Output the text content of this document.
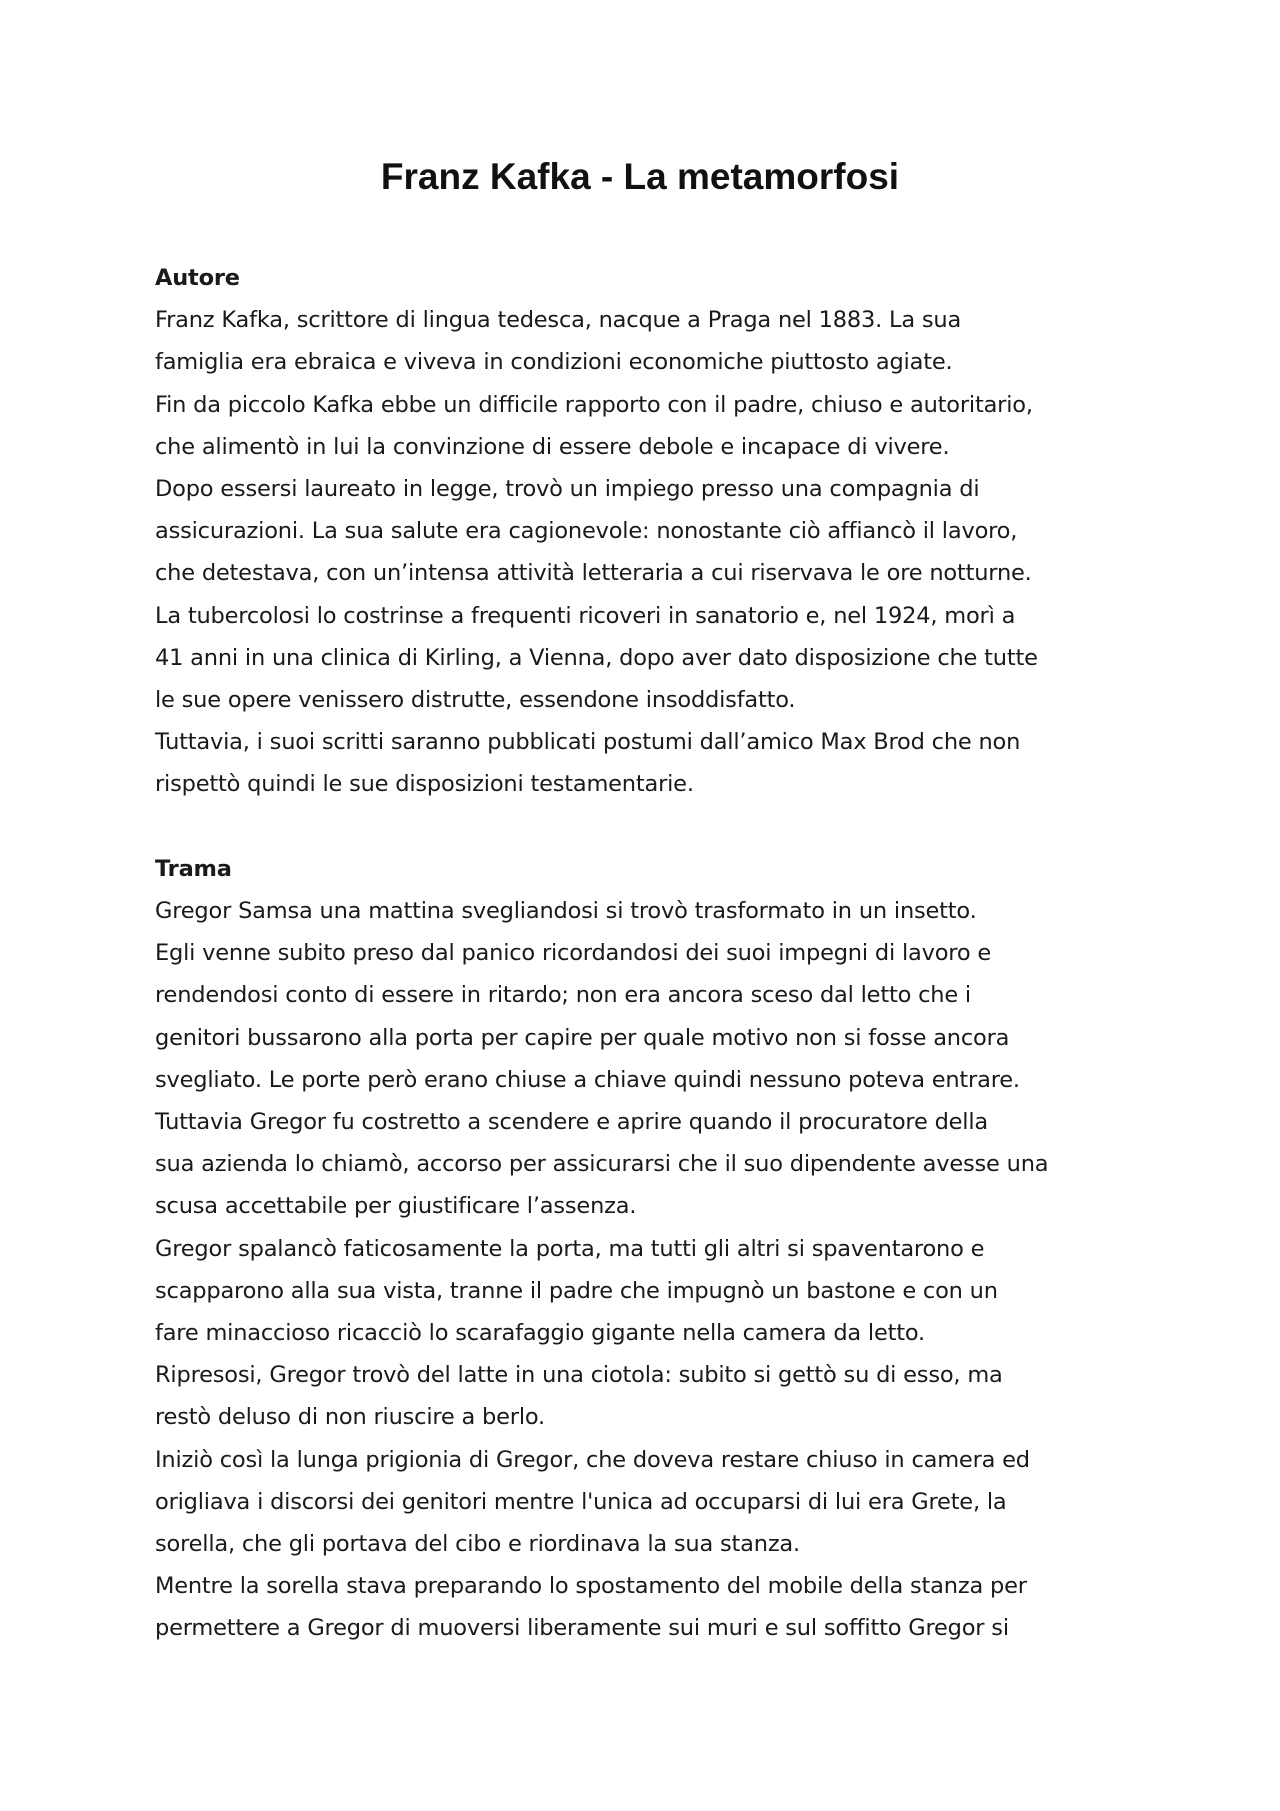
Franz Kafka - La metamorfosi

Autore

Franz Kafka, scrittore di lingua tedesca, nacque a Praga nel 1883. La sua

famiglia era ebraica e viveva in condizioni economiche piuttosto agiate.

Fin da piccolo Kafka ebbe un difficile rapporto con il padre, chiuso e autoritario,

che alimentò in lui la convinzione di essere debole e incapace di vivere.

Dopo essersi laureato in legge, trovò un impiego presso una compagnia di

assicurazioni. La sua salute era cagionevole: nonostante ciò affiancò il lavoro,

che detestava, con un’intensa attività letteraria a cui riservava le ore notturne.

La tubercolosi lo costrinse a frequenti ricoveri in sanatorio e, nel 1924, morì a

41 anni in una clinica di Kirling, a Vienna, dopo aver dato disposizione che tutte

le sue opere venissero distrutte, essendone insoddisfatto.

Tuttavia, i suoi scritti saranno pubblicati postumi dall’amico Max Brod che non

rispettò quindi le sue disposizioni testamentarie.

Trama

Gregor Samsa una mattina svegliandosi si trovò trasformato in un insetto.

Egli venne subito preso dal panico ricordandosi dei suoi impegni di lavoro e

rendendosi conto di essere in ritardo; non era ancora sceso dal letto che i

genitori bussarono alla porta per capire per quale motivo non si fosse ancora

svegliato. Le porte però erano chiuse a chiave quindi nessuno poteva entrare.

Tuttavia Gregor fu costretto a scendere e aprire quando il procuratore della

sua azienda lo chiamò, accorso per assicurarsi che il suo dipendente avesse una

scusa accettabile per giustificare l’assenza.

Gregor spalancò faticosamente la porta, ma tutti gli altri si spaventarono e

scapparono alla sua vista, tranne il padre che impugnò un bastone e con un

fare minaccioso ricacciò lo scarafaggio gigante nella camera da letto.

Ripresosi, Gregor trovò del latte in una ciotola: subito si gettò su di esso, ma

restò deluso di non riuscire a berlo.

Iniziò così la lunga prigionia di Gregor, che doveva restare chiuso in camera ed

origliava i discorsi dei genitori mentre l'unica ad occuparsi di lui era Grete, la

sorella, che gli portava del cibo e riordinava la sua stanza.

Mentre la sorella stava preparando lo spostamento del mobile della stanza per

permettere a Gregor di muoversi liberamente sui muri e sul soffitto Gregor si
